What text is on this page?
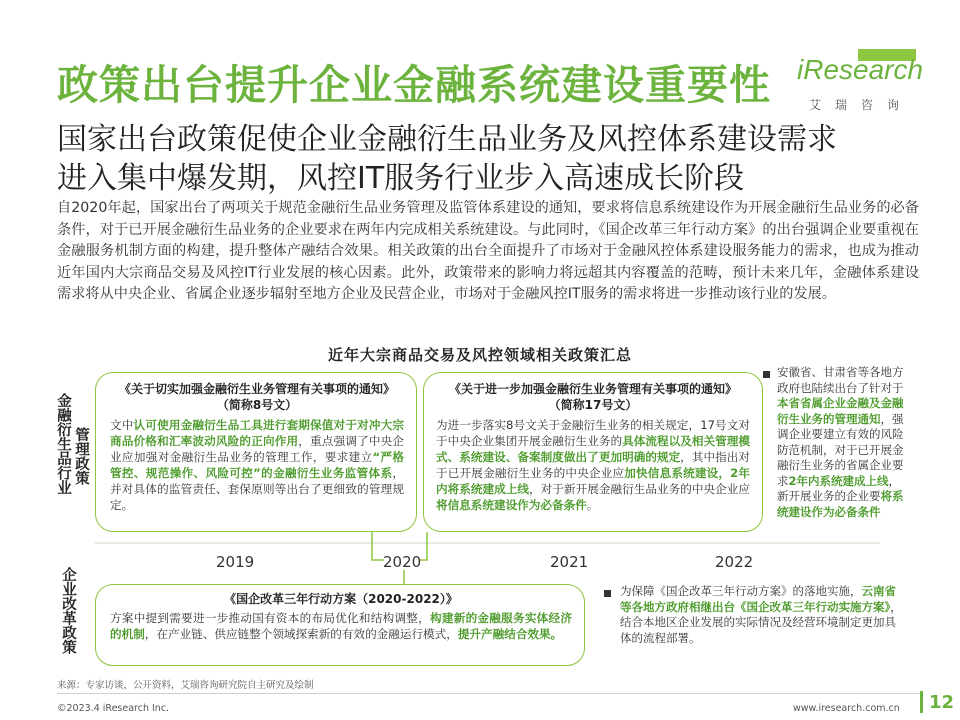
政策出台提升企业金融系统建设重要性 iResearch
艾瑞咨询
国家出台政策促使企业金融衍生品业务及风控体系建设需求
进入集中爆发期，风控IT服务行业步入高速成长阶段

自2020年起，国家出台了两项关于规范金融衍生品业务管理及监管体系建设的通知，要求将信息系统建设作为开展金融衍生品业务的必备条件，对于已开展金融衍生品业务的企业要求在两年内完成相关系统建设。与此同时，《国企改革三年行动方案》的出台强调企业要重视在金融服务机制方面的构建，提升整体产融结合效果。相关政策的出台全面提升了市场对于金融风控体系建设服务能力的需求，也成为推动近年国内大宗商品交易及风控IT行业发展的核心因素。此外，政策带来的影响力将远超其内容覆盖的范畴，预计未来几年，金融体系建设需求将从中央企业、省属企业逐步辐射至地方企业及民营企业，市场对于金融风控IT服务的需求将进一步推动该行业的发展。

近年大宗商品交易及风控领域相关政策汇总
金融衍生品行业 管理政策
企业改革政策
2019	2020	2021	2022
《关于切实加强金融衍生业务管理有关事项的通知》
（简称8号文）
文中认可使用金融衍生品工具进行套期保值对于对冲大宗商品价格和汇率波动风险的正向作用，重点强调了中央企业应加强对金融衍生品业务的管理工作，要求建立“严格管控、规范操作、风险可控”的金融衍生业务监管体系，并对具体的监管责任、套保原则等出台了更细致的管理规定。
《关于进一步加强金融衍生业务管理有关事项的通知》
（简称17号文）
为进一步落实8号文关于金融衍生业务的相关规定，17号文对于中央企业集团开展金融衍生业务的具体流程以及相关管理模式、系统建设、备案制度做出了更加明确的规定，其中指出对于已开展金融衍生业务的中央企业应加快信息系统建设，2年内将系统建成上线，对于新开展金融衍生品业务的中央企业应将信息系统建设作为必备条件。
《国企改革三年行动方案（2020-2022）》
方案中提到需要进一步推动国有资本的布局优化和结构调整，构建新的金融服务实体经济的机制，在产业链、供应链整个领域探索新的有效的金融运行模式，提升产融结合效果。
安徽省、甘肃省等各地方政府也陆续出台了针对于本省省属企业金融及金融衍生业务的管理通知，强调企业要建立有效的风险防范机制，对于已开展金融衍生业务的省属企业要求2年内系统建成上线，新开展业务的企业要将系统建设作为必备条件
为保障《国企改革三年行动方案》的落地实施，云南省等各地方政府相继出台《国企改革三年行动实施方案》，结合本地区企业发展的实际情况及经营环境制定更加具体的流程部署。
来源：专家访谈，公开资料，艾瑞咨询研究院自主研究及绘制
©2023.4 iResearch Inc.	www.iresearch.com.cn 12
